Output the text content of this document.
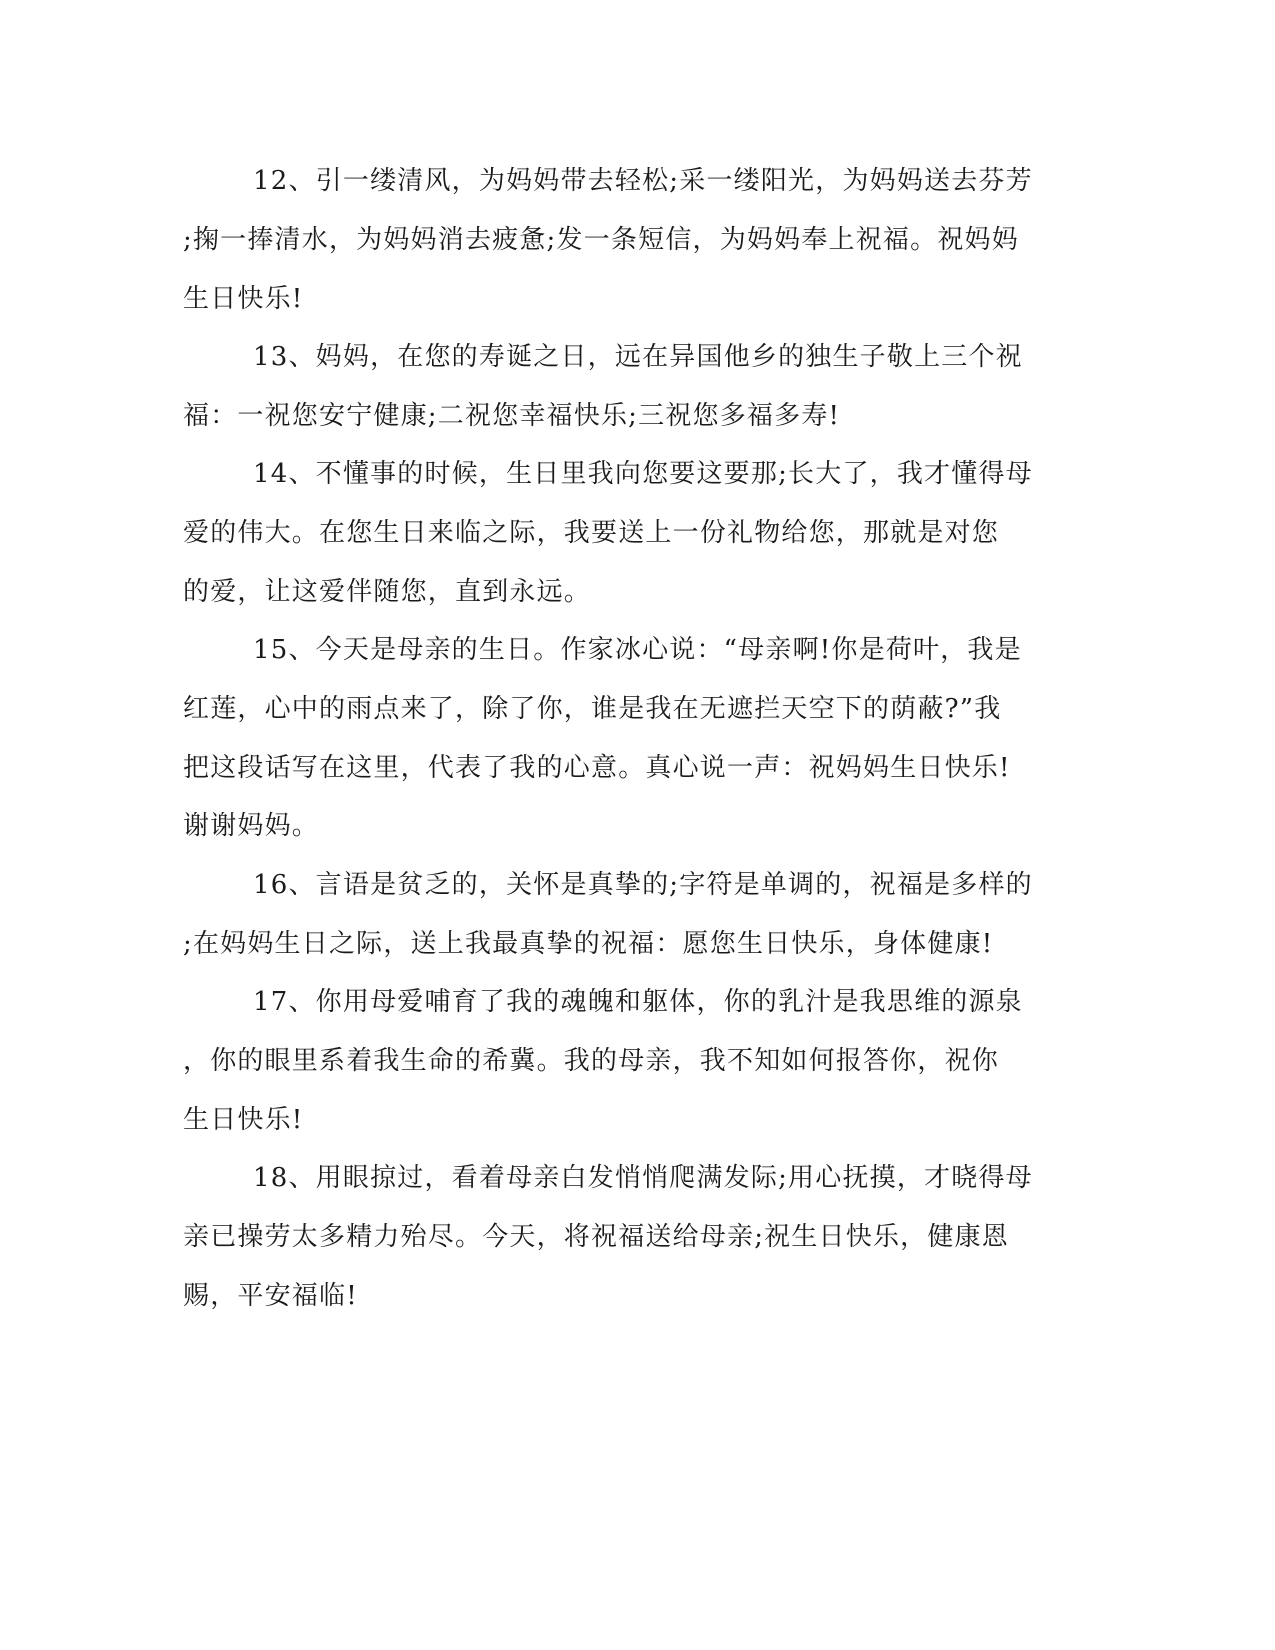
12、引一缕清风，为妈妈带去轻松;采一缕阳光，为妈妈送去芬芳
;掬一捧清水，为妈妈消去疲惫;发一条短信，为妈妈奉上祝福。祝妈妈
生日快乐!
13、妈妈，在您的寿诞之日，远在异国他乡的独生子敬上三个祝
福：一祝您安宁健康;二祝您幸福快乐;三祝您多福多寿!
14、不懂事的时候，生日里我向您要这要那;长大了，我才懂得母
爱的伟大。在您生日来临之际，我要送上一份礼物给您，那就是对您
的爱，让这爱伴随您，直到永远。
15、今天是母亲的生日。作家冰心说：“母亲啊!你是荷叶，我是
红莲，心中的雨点来了，除了你，谁是我在无遮拦天空下的荫蔽?”我
把这段话写在这里，代表了我的心意。真心说一声：祝妈妈生日快乐!
谢谢妈妈。
16、言语是贫乏的，关怀是真挚的;字符是单调的，祝福是多样的
;在妈妈生日之际，送上我最真挚的祝福：愿您生日快乐，身体健康!
17、你用母爱哺育了我的魂魄和躯体，你的乳汁是我思维的源泉
，你的眼里系着我生命的希冀。我的母亲，我不知如何报答你，祝你
生日快乐!
18、用眼掠过，看着母亲白发悄悄爬满发际;用心抚摸，才晓得母
亲已操劳太多精力殆尽。今天，将祝福送给母亲;祝生日快乐，健康恩
赐，平安福临!
